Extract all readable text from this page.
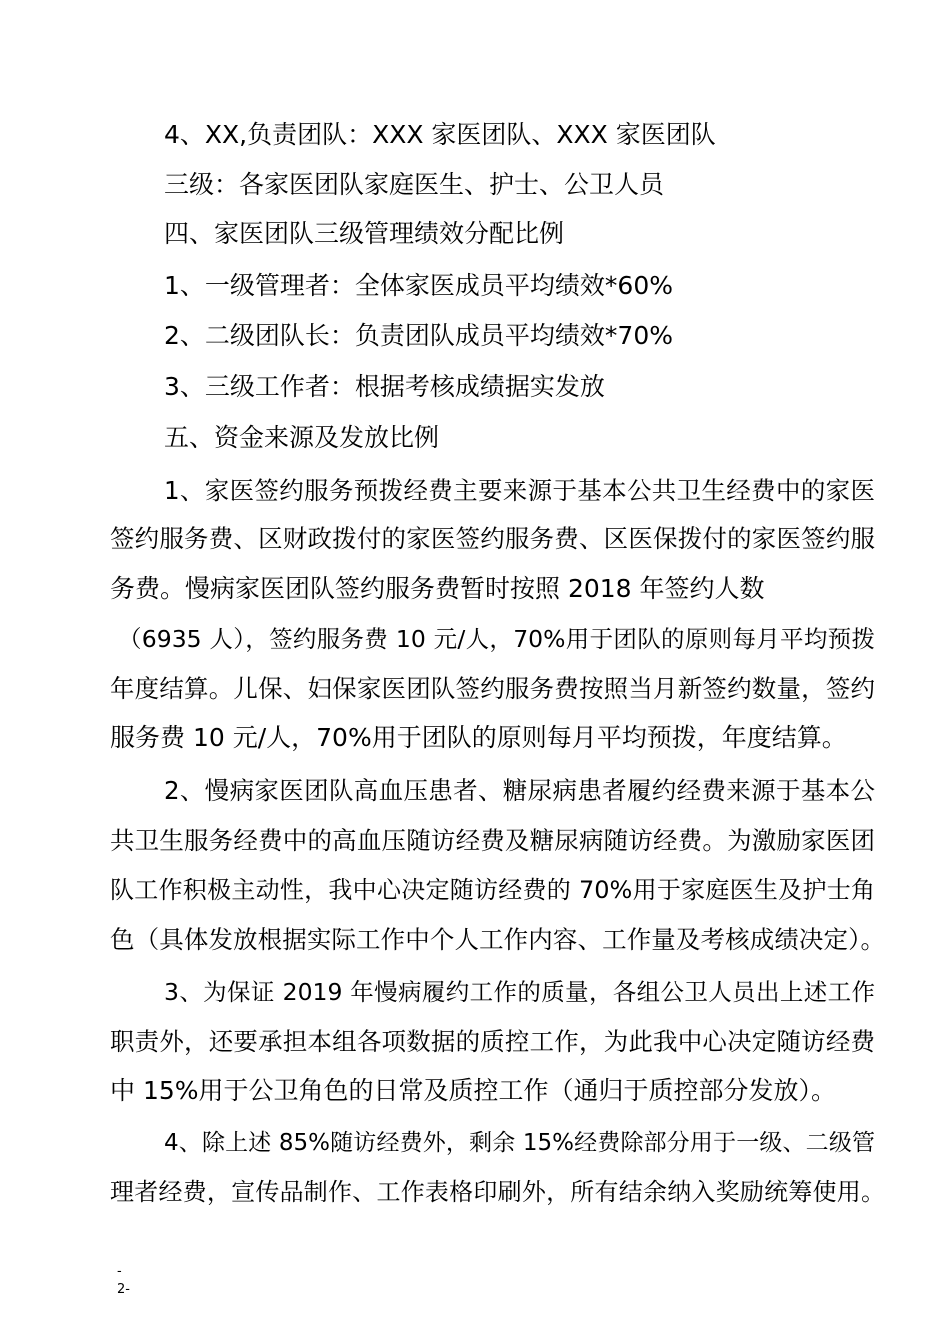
4、XX,负责团队：XXX 家医团队、XXX 家医团队
三级：各家医团队家庭医生、护士、公卫人员
四、家医团队三级管理绩效分配比例
1、一级管理者：全体家医成员平均绩效*60%
2、二级团队长：负责团队成员平均绩效*70%
3、三级工作者：根据考核成绩据实发放
五、资金来源及发放比例
1、家医签约服务预拨经费主要来源于基本公共卫生经费中的家医
签约服务费、区财政拨付的家医签约服务费、区医保拨付的家医签约服
务费。慢病家医团队签约服务费暂时按照 2018 年签约人数
（6935 人），签约服务费 10 元/人，70%用于团队的原则每月平均预拨
年度结算。儿保、妇保家医团队签约服务费按照当月新签约数量，签约
服务费 10 元/人，70%用于团队的原则每月平均预拨，年度结算。
2、慢病家医团队高血压患者、糖尿病患者履约经费来源于基本公
共卫生服务经费中的高血压随访经费及糖尿病随访经费。为激励家医团
队工作积极主动性，我中心决定随访经费的 70%用于家庭医生及护士角
色（具体发放根据实际工作中个人工作内容、工作量及考核成绩决定）。
3、为保证 2019 年慢病履约工作的质量，各组公卫人员出上述工作
职责外，还要承担本组各项数据的质控工作，为此我中心决定随访经费
中 15%用于公卫角色的日常及质控工作（通归于质控部分发放）。
4、除上述 85%随访经费外，剩余 15%经费除部分用于一级、二级管
理者经费，宣传品制作、工作表格印刷外，所有结余纳入奖励统筹使用。
-
2-
